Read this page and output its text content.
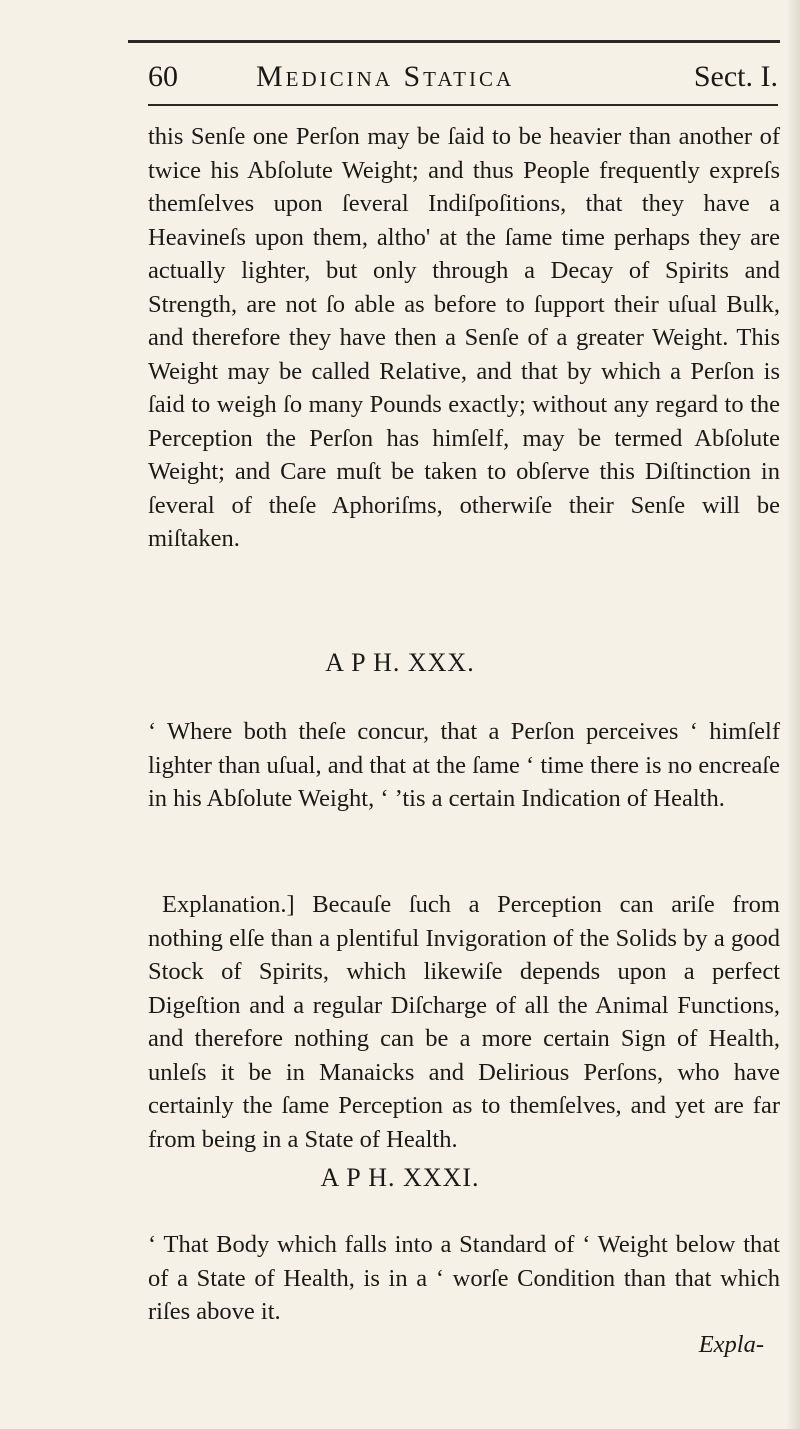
60	Medicina Statica	Sect. I.
this Senſe one Perſon may be ſaid to be heavier than another of twice his Abſolute Weight; and thus People frequently expreſs themſelves upon ſeveral Indiſpoſitions, that they have a Heavineſs upon them, altho' at the ſame time perhaps they are actually lighter, but only through a Decay of Spirits and Strength, are not ſo able as before to ſupport their uſual Bulk, and therefore they have then a Senſe of a greater Weight. This Weight may be called Relative, and that by which a Perſon is ſaid to weigh ſo many Pounds exactly; without any regard to the Perception the Perſon has himſelf, may be termed Abſolute Weight; and Care muſt be taken to obſerve this Diſtinction in ſeveral of theſe Aphoriſms, otherwiſe their Senſe will be miſtaken.
A P H. XXX.
‘ Where both theſe concur, that a Perſon perceives ‘ himſelf lighter than uſual, and that at the ſame ‘ time there is no encreaſe in his Abſolute Weight, ‘ ’tis a certain Indication of Health.
Explanation.] Becauſe ſuch a Perception can ariſe from nothing elſe than a plentiful Invigoration of the Solids by a good Stock of Spirits, which likewiſe depends upon a perfect Digeſtion and a regular Diſcharge of all the Animal Functions, and therefore nothing can be a more certain Sign of Health, unleſs it be in Manaicks and Delirious Perſons, who have certainly the ſame Perception as to themſelves, and yet are far from being in a State of Health.
A P H. XXXI.
‘ That Body which falls into a Standard of ‘ Weight below that of a State of Health, is in a ‘ worſe Condition than that which riſes above it.
Expla-
